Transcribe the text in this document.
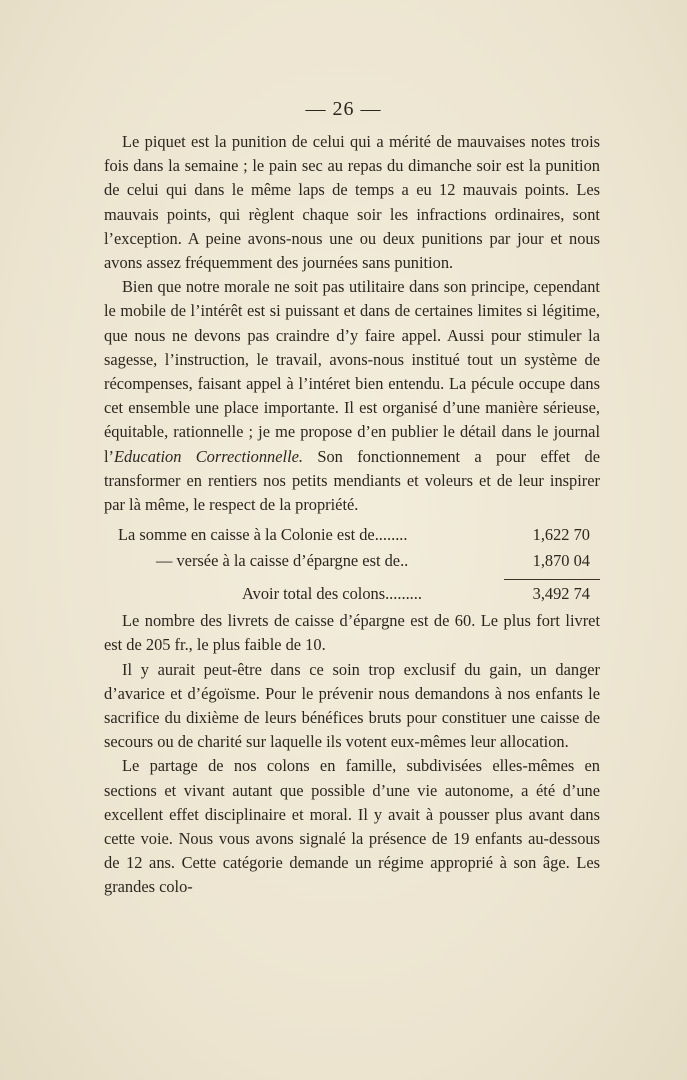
— 26 —

Le piquet est la punition de celui qui a mérité de mauvaises notes trois fois dans la semaine ; le pain sec au repas du dimanche soir est la punition de celui qui dans le même laps de temps a eu 12 mauvais points. Les mauvais points, qui règlent chaque soir les infractions ordinaires, sont l’exception. A peine avons-nous une ou deux punitions par jour et nous avons assez fréquemment des journées sans punition.

Bien que notre morale ne soit pas utilitaire dans son principe, cependant le mobile de l’intérêt est si puissant et dans de certaines limites si légitime, que nous ne devons pas craindre d’y faire appel. Aussi pour stimuler la sagesse, l’instruction, le travail, avons-nous institué tout un système de récompenses, faisant appel à l’intéret bien entendu. La pécule occupe dans cet ensemble une place importante. Il est organisé d’une manière sérieuse, équitable, rationnelle ; je me propose d’en publier le détail dans le journal l’Education Correctionnelle. Son fonctionnement a pour effet de transformer en rentiers nos petits mendiants et voleurs et de leur inspirer par là même, le respect de la propriété.

La somme en caisse à la Colonie est de........	1,622 70
— versée à la caisse d’épargne est de..	1,870 04
Avoir total des colons.........	3,492 74

Le nombre des livrets de caisse d’épargne est de 60. Le plus fort livret est de 205 fr., le plus faible de 10.

Il y aurait peut-être dans ce soin trop exclusif du gain, un danger d’avarice et d’égoïsme. Pour le prévenir nous demandons à nos enfants le sacrifice du dixième de leurs bénéfices bruts pour constituer une caisse de secours ou de charité sur laquelle ils votent eux-mêmes leur allocation.

Le partage de nos colons en famille, subdivisées elles-mêmes en sections et vivant autant que possible d’une vie autonome, a été d’une excellent effet disciplinaire et moral. Il y avait à pousser plus avant dans cette voie. Nous vous avons signalé la présence de 19 enfants au-dessous de 12 ans. Cette catégorie demande un régime approprié à son âge. Les grandes colo-
